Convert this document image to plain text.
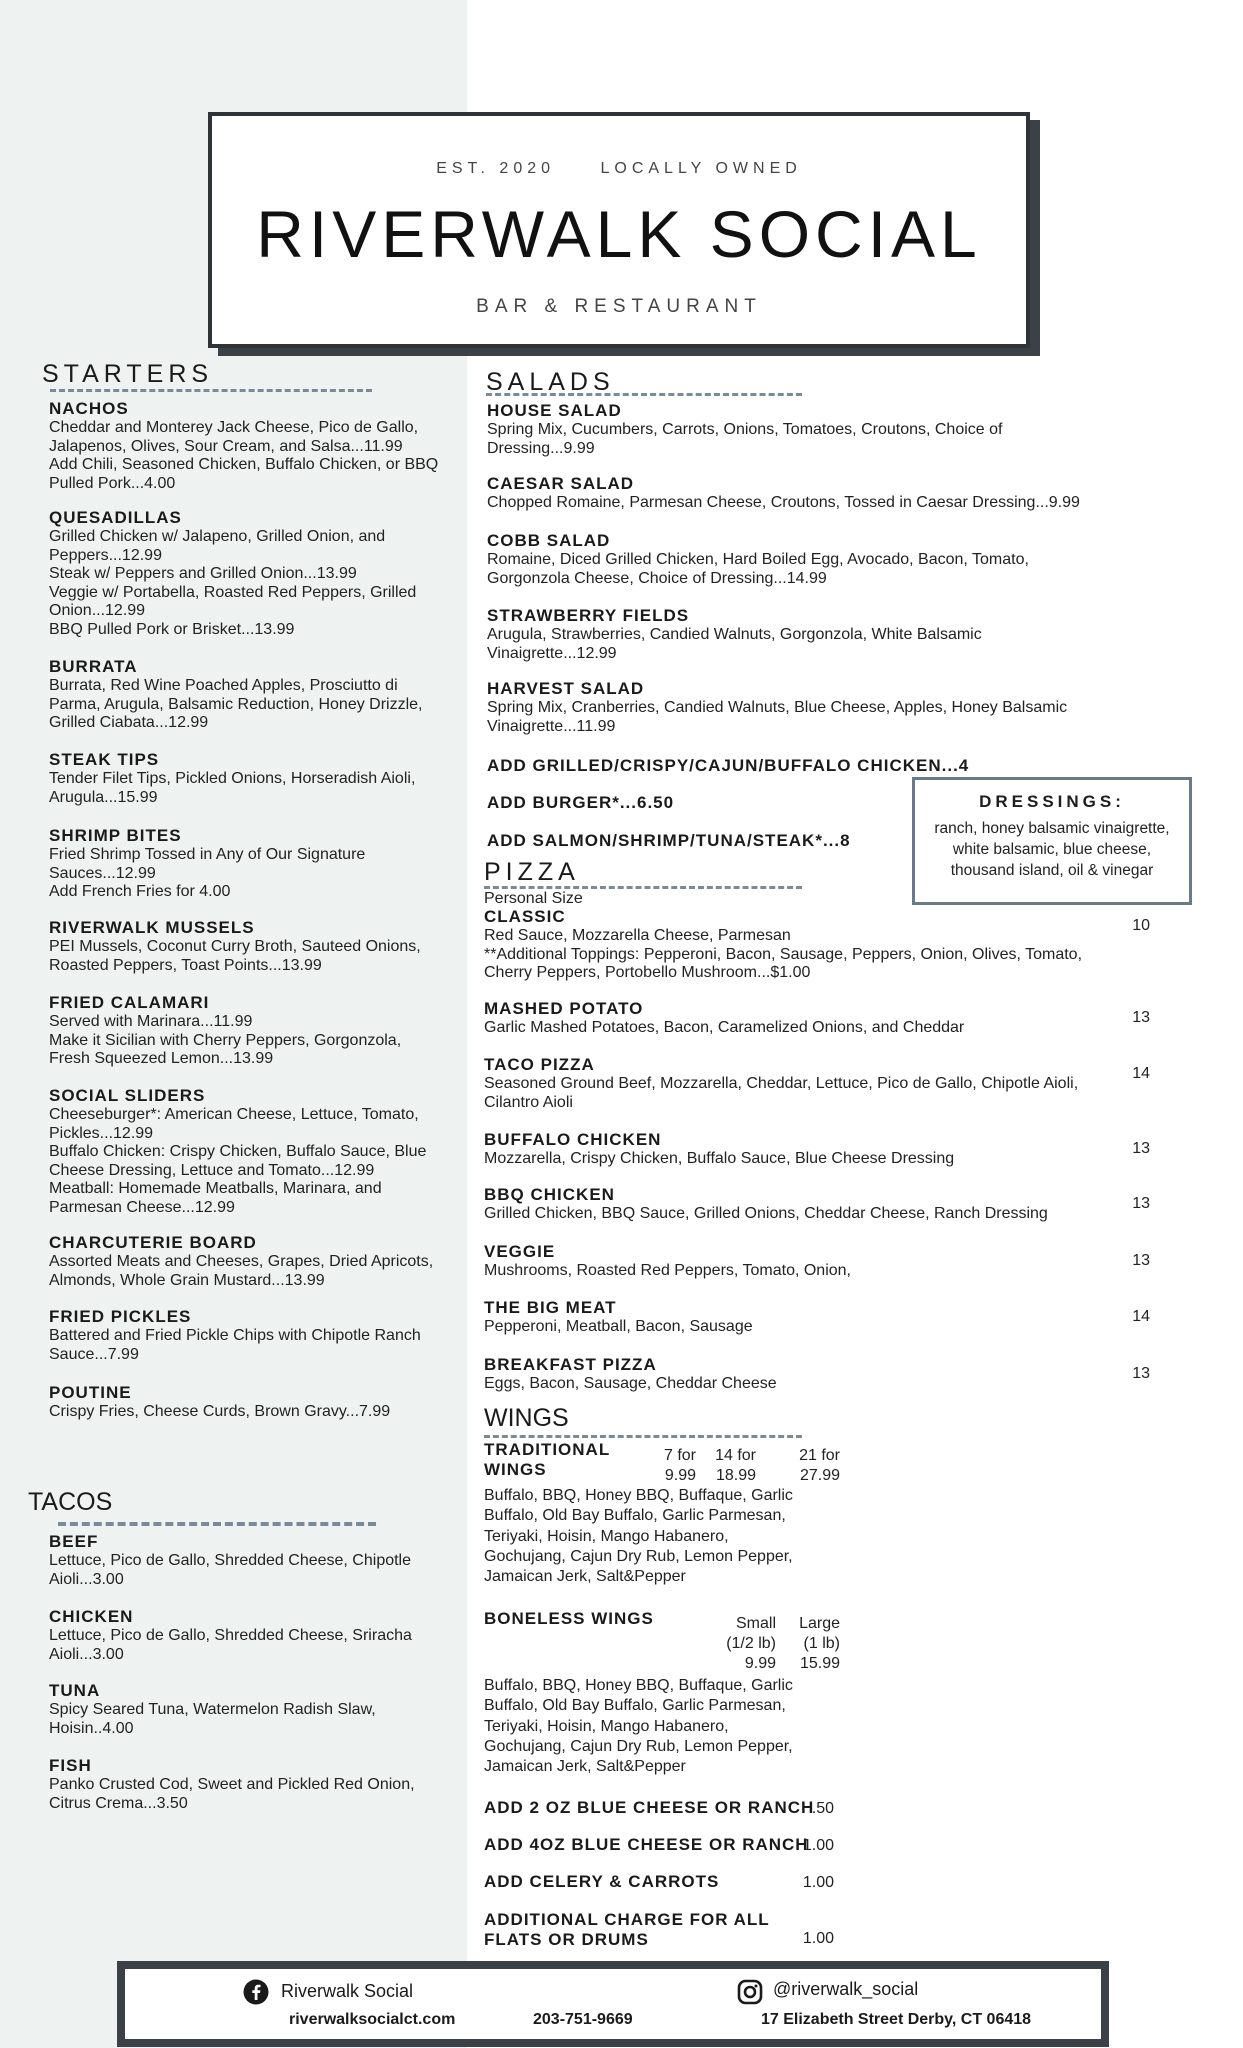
EST. 2020	LOCALLY OWNED
RIVERWALK SOCIAL
BAR & RESTAURANT
STARTERS
NACHOS
Cheddar and Monterey Jack Cheese, Pico de Gallo,
Jalapenos, Olives, Sour Cream, and Salsa...11.99
Add Chili, Seasoned Chicken, Buffalo Chicken, or BBQ
Pulled Pork...4.00
QUESADILLAS
Grilled Chicken w/ Jalapeno, Grilled Onion, and
Peppers...12.99
Steak w/ Peppers and Grilled Onion...13.99
Veggie w/ Portabella, Roasted Red Peppers, Grilled
Onion...12.99
BBQ Pulled Pork or Brisket...13.99
BURRATA
Burrata, Red Wine Poached Apples, Prosciutto di
Parma, Arugula, Balsamic Reduction, Honey Drizzle,
Grilled Ciabata...12.99
STEAK TIPS
Tender Filet Tips, Pickled Onions, Horseradish Aioli,
Arugula...15.99
SHRIMP BITES
Fried Shrimp Tossed in Any of Our Signature
Sauces...12.99
Add French Fries for 4.00
RIVERWALK MUSSELS
PEI Mussels, Coconut Curry Broth, Sauteed Onions,
Roasted Peppers, Toast Points...13.99
FRIED CALAMARI
Served with Marinara...11.99
Make it Sicilian with Cherry Peppers, Gorgonzola,
Fresh Squeezed Lemon...13.99
SOCIAL SLIDERS
Cheeseburger*: American Cheese, Lettuce, Tomato,
Pickles...12.99
Buffalo Chicken: Crispy Chicken, Buffalo Sauce, Blue
Cheese Dressing, Lettuce and Tomato...12.99
Meatball: Homemade Meatballs, Marinara, and
Parmesan Cheese...12.99
CHARCUTERIE BOARD
Assorted Meats and Cheeses, Grapes, Dried Apricots,
Almonds, Whole Grain Mustard...13.99
FRIED PICKLES
Battered and Fried Pickle Chips with Chipotle Ranch
Sauce...7.99
POUTINE
Crispy Fries, Cheese Curds, Brown Gravy...7.99
TACOS
BEEF
Lettuce, Pico de Gallo, Shredded Cheese, Chipotle
Aioli...3.00
CHICKEN
Lettuce, Pico de Gallo, Shredded Cheese, Sriracha
Aioli...3.00
TUNA
Spicy Seared Tuna, Watermelon Radish Slaw,
Hoisin..4.00
FISH
Panko Crusted Cod, Sweet and Pickled Red Onion,
Citrus Crema...3.50
SALADS
HOUSE SALAD
Spring Mix, Cucumbers, Carrots, Onions, Tomatoes, Croutons, Choice of
Dressing...9.99
CAESAR SALAD
Chopped Romaine, Parmesan Cheese, Croutons, Tossed in Caesar Dressing...9.99
COBB SALAD
Romaine, Diced Grilled Chicken, Hard Boiled Egg, Avocado, Bacon, Tomato,
Gorgonzola Cheese, Choice of Dressing...14.99
STRAWBERRY FIELDS
Arugula, Strawberries, Candied Walnuts, Gorgonzola, White Balsamic
Vinaigrette...12.99
HARVEST SALAD
Spring Mix, Cranberries, Candied Walnuts, Blue Cheese, Apples, Honey Balsamic
Vinaigrette...11.99
ADD GRILLED/CRISPY/CAJUN/BUFFALO CHICKEN...4
ADD BURGER*...6.50
ADD SALMON/SHRIMP/TUNA/STEAK*...8
DRESSINGS:
ranch, honey balsamic vinaigrette,
white balsamic, blue cheese,
thousand island, oil & vinegar
PIZZA
Personal Size
CLASSIC
Red Sauce, Mozzarella Cheese, Parmesan
**Additional Toppings: Pepperoni, Bacon, Sausage, Peppers, Onion, Olives, Tomato,
Cherry Peppers, Portobello Mushroom...$1.00
10
MASHED POTATO
Garlic Mashed Potatoes, Bacon, Caramelized Onions, and Cheddar
13
TACO PIZZA
Seasoned Ground Beef, Mozzarella, Cheddar, Lettuce, Pico de Gallo, Chipotle Aioli,
Cilantro Aioli
14
BUFFALO CHICKEN
Mozzarella, Crispy Chicken, Buffalo Sauce, Blue Cheese Dressing
13
BBQ CHICKEN
Grilled Chicken, BBQ Sauce, Grilled Onions, Cheddar Cheese, Ranch Dressing
13
VEGGIE
Mushrooms, Roasted Red Peppers, Tomato, Onion,
13
THE BIG MEAT
Pepperoni, Meatball, Bacon, Sausage
14
BREAKFAST PIZZA
Eggs, Bacon, Sausage, Cheddar Cheese
13
WINGS
TRADITIONAL
WINGS
7 for
9.99
14 for
18.99
21 for
27.99
Buffalo, BBQ, Honey BBQ, Buffaque, Garlic
Buffalo, Old Bay Buffalo, Garlic Parmesan,
Teriyaki, Hoisin, Mango Habanero,
Gochujang, Cajun Dry Rub, Lemon Pepper,
Jamaican Jerk, Salt&Pepper
BONELESS WINGS	Small
(1/2 lb)
9.99
Large
(1 lb)
15.99
Buffalo, BBQ, Honey BBQ, Buffaque, Garlic
Buffalo, Old Bay Buffalo, Garlic Parmesan,
Teriyaki, Hoisin, Mango Habanero,
Gochujang, Cajun Dry Rub, Lemon Pepper,
Jamaican Jerk, Salt&Pepper
ADD 2 OZ BLUE CHEESE OR RANCH
.50
ADD 4OZ BLUE CHEESE OR RANCH
1.00
ADD CELERY & CARROTS	1.00
ADDITIONAL CHARGE FOR ALL
FLATS OR DRUMS	1.00
Riverwalk Social
riverwalksocialct.com	203-751-9669
@riverwalk_social
17 Elizabeth Street Derby, CT 06418
